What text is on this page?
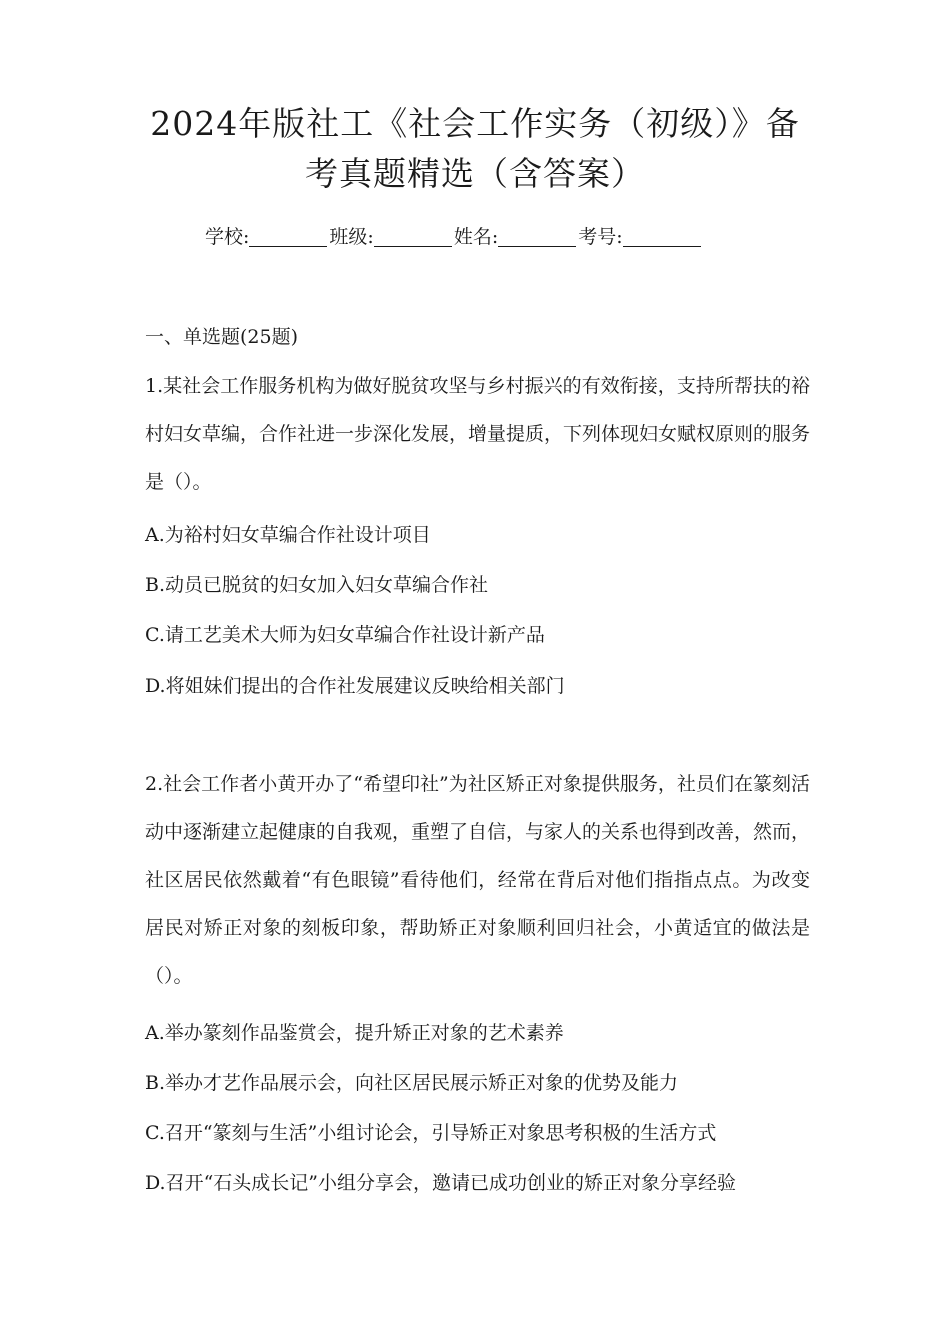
2024年版社工《社会工作实务（初级）》备
考真题精选（含答案）
学校:	班级:	姓名:	考号:
一、单选题(25题)
1.某社会工作服务机构为做好脱贫攻坚与乡村振兴的有效衔接，支持所帮扶的裕村妇女草编，合作社进一步深化发展，增量提质，下列体现妇女赋权原则的服务是（）。
A.为裕村妇女草编合作社设计项目
B.动员已脱贫的妇女加入妇女草编合作社
C.请工艺美术大师为妇女草编合作社设计新产品
D.将姐妹们提出的合作社发展建议反映给相关部门
2.社会工作者小黄开办了“希望印社”为社区矫正对象提供服务，社员们在篆刻活动中逐渐建立起健康的自我观，重塑了自信，与家人的关系也得到改善，然而，社区居民依然戴着“有色眼镜”看待他们，经常在背后对他们指指点点。为改变居民对矫正对象的刻板印象，帮助矫正对象顺利回归社会，小黄适宜的做法是（）。
A.举办篆刻作品鉴赏会，提升矫正对象的艺术素养
B.举办才艺作品展示会，向社区居民展示矫正对象的优势及能力
C.召开“篆刻与生活”小组讨论会，引导矫正对象思考积极的生活方式
D.召开“石头成长记”小组分享会，邀请已成功创业的矫正对象分享经验
